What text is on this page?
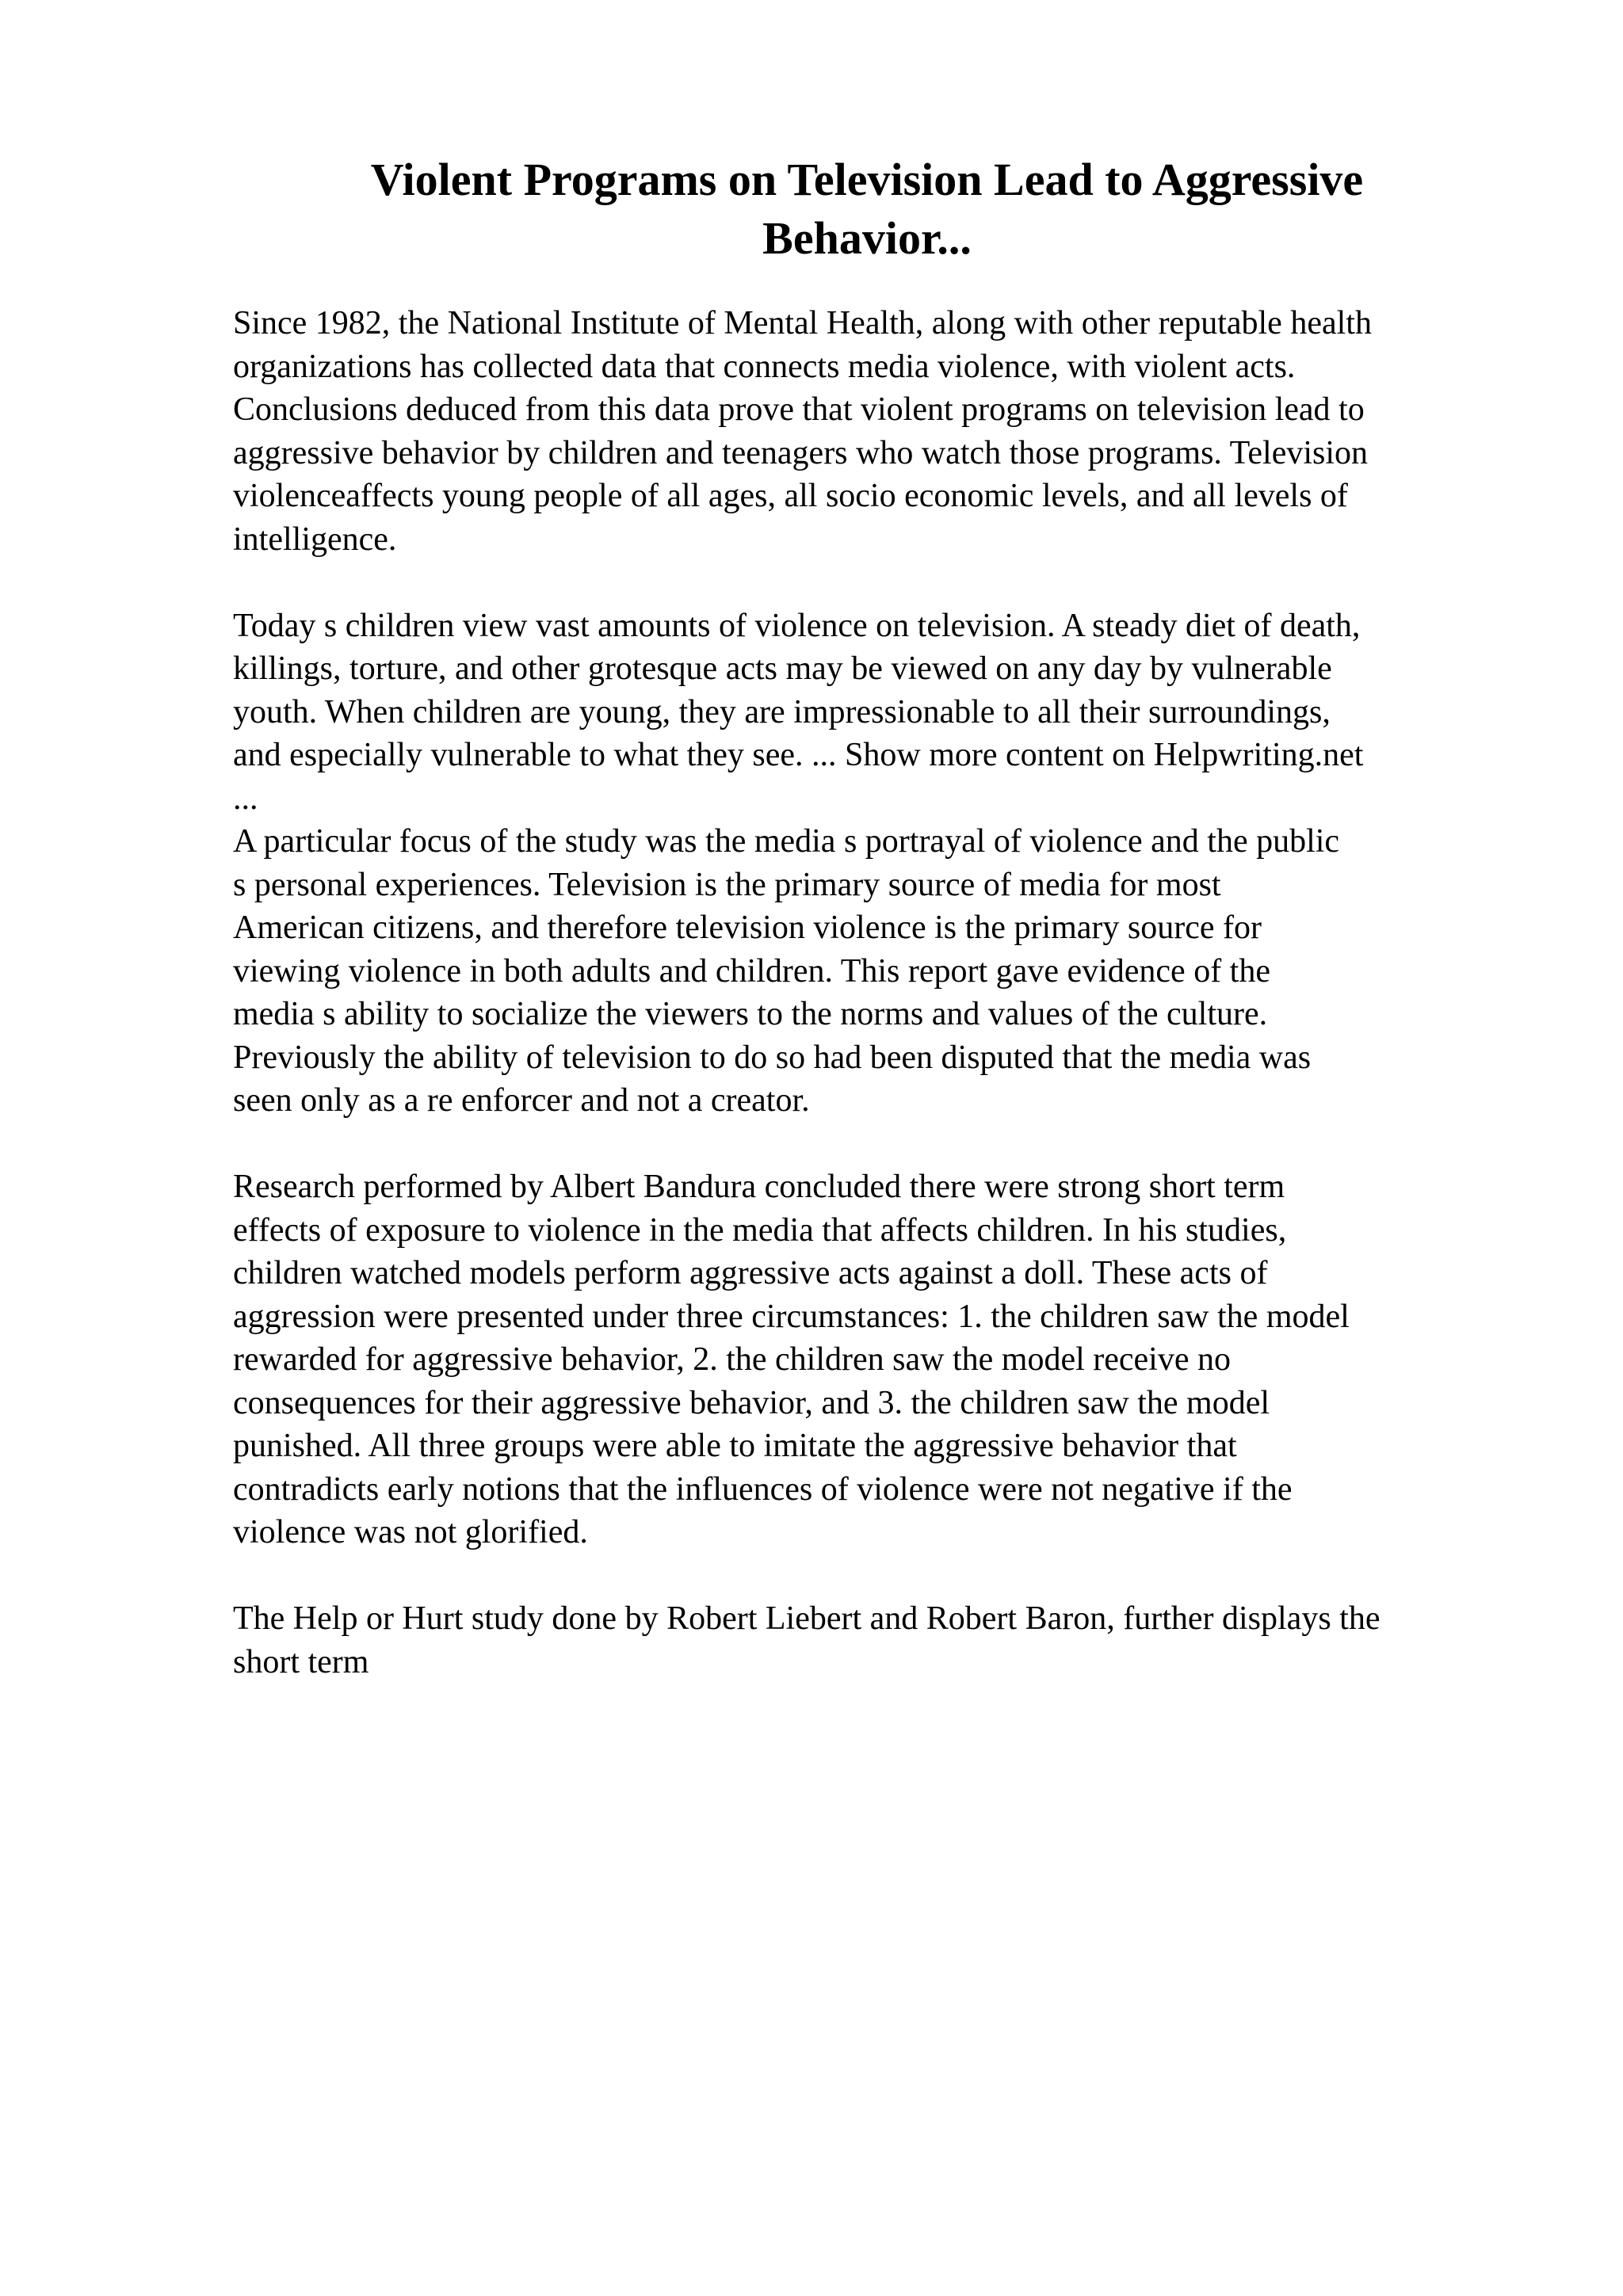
Violent Programs on Television Lead to Aggressive
Behavior...
Since 1982, the National Institute of Mental Health, along with other reputable health
organizations has collected data that connects media violence, with violent acts.
Conclusions deduced from this data prove that violent programs on television lead to
aggressive behavior by children and teenagers who watch those programs. Television
violenceaffects young people of all ages, all socio economic levels, and all levels of
intelligence.
Today s children view vast amounts of violence on television. A steady diet of death,
killings, torture, and other grotesque acts may be viewed on any day by vulnerable
youth. When children are young, they are impressionable to all their surroundings,
and especially vulnerable to what they see. ... Show more content on Helpwriting.net
...
A particular focus of the study was the media s portrayal of violence and the public
s personal experiences. Television is the primary source of media for most
American citizens, and therefore television violence is the primary source for
viewing violence in both adults and children. This report gave evidence of the
media s ability to socialize the viewers to the norms and values of the culture.
Previously the ability of television to do so had been disputed that the media was
seen only as a re enforcer and not a creator.
Research performed by Albert Bandura concluded there were strong short term
effects of exposure to violence in the media that affects children. In his studies,
children watched models perform aggressive acts against a doll. These acts of
aggression were presented under three circumstances: 1. the children saw the model
rewarded for aggressive behavior, 2. the children saw the model receive no
consequences for their aggressive behavior, and 3. the children saw the model
punished. All three groups were able to imitate the aggressive behavior that
contradicts early notions that the influences of violence were not negative if the
violence was not glorified.
The Help or Hurt study done by Robert Liebert and Robert Baron, further displays the
short term
